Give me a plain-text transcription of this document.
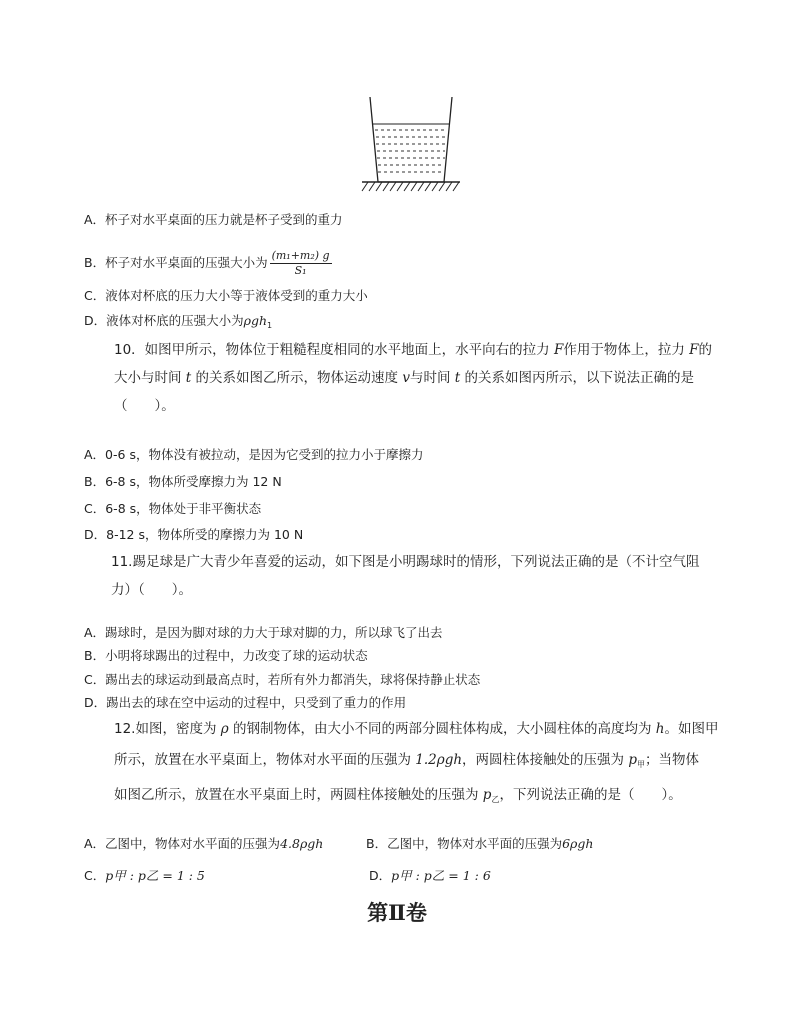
A．杯子对水平桌面的压力就是杯子受到的重力
B．杯子对水平桌面的压强大小为 $\frac{\text{(m₁+m₂) g}}{\text{S₁}}$
C．液体对杯底的压力大小等于液体受到的重力大小
D．液体对杯底的压强大小为ρgh$_1$
10．如图甲所示，物体位于粗糙程度相同的水平地面上，水平向右的拉力 F作用于物体上，拉力 F的
大小与时间 t 的关系如图乙所示，物体运动速度 v与时间 t 的关系如图丙所示，以下说法正确的是
（　　）。
A．0-6 s，物体没有被拉动，是因为它受到的拉力小于摩擦力
B．6-8 s，物体所受摩擦力为 12 N
C．6-8 s，物体处于非平衡状态
D．8-12 s，物体所受的摩擦力为 10 N
11.踢足球是广大青少年喜爱的运动，如下图是小明踢球时的情形，下列说法正确的是（不计空气阻
力）（　　）。
A．踢球时，是因为脚对球的力大于球对脚的力，所以球飞了出去
B．小明将球踢出的过程中，力改变了球的运动状态
C．踢出去的球运动到最高点时，若所有外力都消失，球将保持静止状态
D．踢出去的球在空中运动的过程中，只受到了重力的作用
12.如图，密度为 ρ 的钢制物体，由大小不同的两部分圆柱体构成，大小圆柱体的高度均为 h。如图甲
所示，放置在水平桌面上，物体对水平面的压强为 1.2ρgh，两圆柱体接触处的压强为 $p_甲$；当物体
如图乙所示，放置在水平桌面上时，两圆柱体接触处的压强为 $p_乙$，下列说法正确的是（　　）。
A．乙图中，物体对水平面的压强为4.8ρgh	B．乙图中，物体对水平面的压强为6ρgh
C．p甲 : p乙 = 1 : 5	D．p甲 : p乙 = 1 : 6
第Ⅱ卷
